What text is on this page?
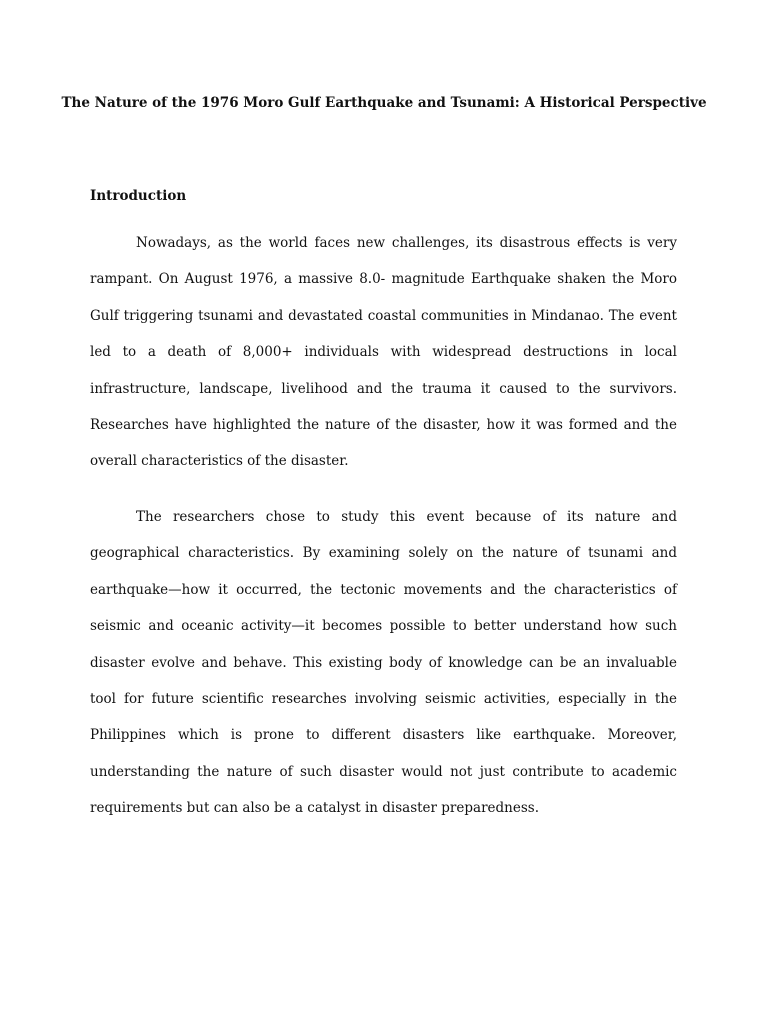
The Nature of the 1976 Moro Gulf Earthquake and Tsunami: A Historical Perspective
Introduction

Nowadays, as the world faces new challenges, its disastrous effects is very rampant. On August 1976, a massive 8.0- magnitude Earthquake shaken the Moro Gulf triggering tsunami and devastated coastal communities in Mindanao. The event led to a death of 8,000+ individuals with widespread destructions in local infrastructure, landscape, livelihood and the trauma it caused to the survivors. Researches have highlighted the nature of the disaster, how it was formed and the overall characteristics of the disaster.

The researchers chose to study this event because of its nature and geographical characteristics. By examining solely on the nature of tsunami and earthquake—how it occurred, the tectonic movements and the characteristics of seismic and oceanic activity—it becomes possible to better understand how such disaster evolve and behave. This existing body of knowledge can be an invaluable tool for future scientific researches involving seismic activities, especially in the Philippines which is prone to different disasters like earthquake. Moreover, understanding the nature of such disaster would not just contribute to academic requirements but can also be a catalyst in disaster preparedness.
